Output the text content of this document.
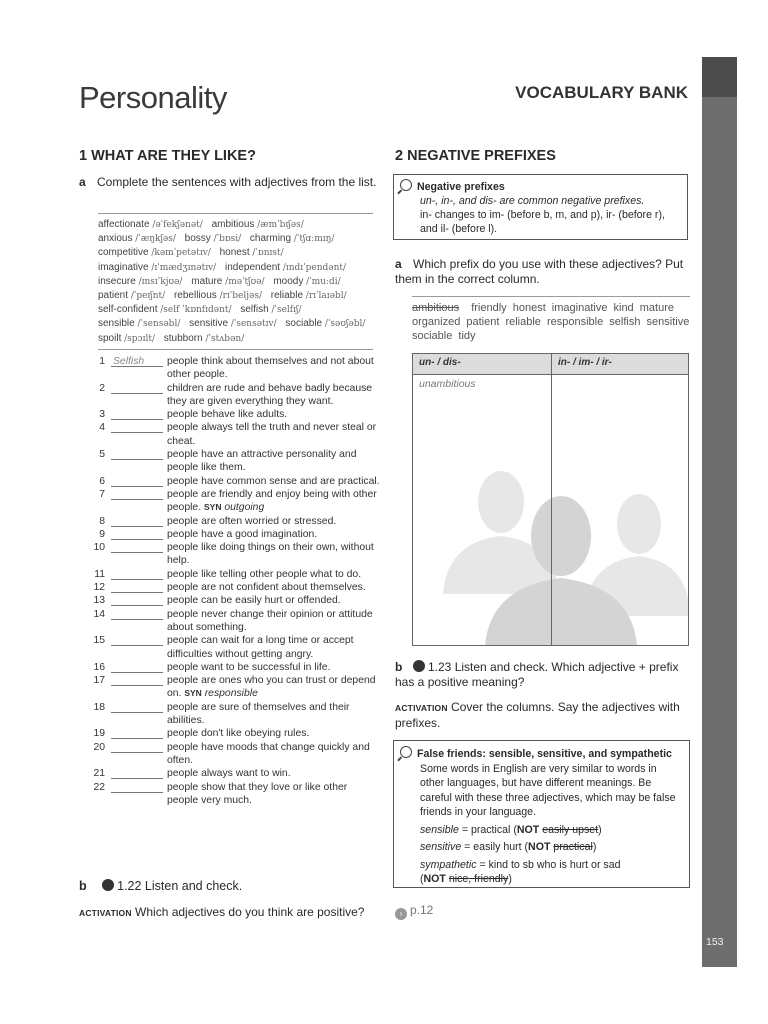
Personality	VOCABULARY BANK
1 WHAT ARE THEY LIKE?
a Complete the sentences with adjectives from the list.
affectionate /əˈfekʃənət/ ambitious /æmˈbɪʃəs/ anxious /ˈæŋkʃəs/ bossy /ˈbɒsi/ charming /ˈtʃɑːmɪŋ/ competitive /kəmˈpetətɪv/ honest /ˈɒnɪst/ imaginative /ɪˈmædʒɪnətɪv/ independent /ɪndɪˈpendənt/ insecure /ɪnsɪˈkjʊə/ mature /məˈtʃʊə/ moody /ˈmuːdi/ patient /ˈpeɪʃnt/ rebellious /rɪˈbeljəs/ reliable /rɪˈlaɪəbl/ self-confident /self ˈkɒnfɪdənt/ selfish /ˈselfɪʃ/ sensible /ˈsensəbl/ sensitive /ˈsensətɪv/ sociable /ˈsəʊʃəbl/ spoilt /spɔɪlt/ stubborn /ˈstʌbən/
1 Selfish people think about themselves and not about other people.
2	children are rude and behave badly because they are given everything they want.
3	people behave like adults.
4	people always tell the truth and never steal or cheat.
5	people have an attractive personality and people like them.
6	people have common sense and are practical.
7	people are friendly and enjoy being with other people. SYN outgoing
8	people are often worried or stressed.
9	people have a good imagination.
10	people like doing things on their own, without help.
11	people like telling other people what to do.
12	people are not confident about themselves.
13	people can be easily hurt or offended.
14	people never change their opinion or attitude about something.
15	people can wait for a long time or accept difficulties without getting angry.
16	people want to be successful in life.
17	people are ones who you can trust or depend on. SYN responsible
18	people are sure of themselves and their abilities.
19	people don't like obeying rules.
20	people have moods that change quickly and often.
21	people always want to win.
22	people show that they love or like other people very much.
b 1.22 Listen and check.
ACTIVATION Which adjectives do you think are positive?
2 NEGATIVE PREFIXES
Negative prefixes
un-, in-, and dis- are common negative prefixes.
in- changes to im- (before b, m, and p), ir- (before r), and il- (before l).
a Which prefix do you use with these adjectives? Put them in the correct column.
ambitious friendly honest imaginative kind mature organized patient reliable responsible selfish sensitive sociable tidy
un- / dis-	in- / im- / ir-
unambitious
b 1.23 Listen and check. Which adjective + prefix has a positive meaning?
ACTIVATION Cover the columns. Say the adjectives with prefixes.
False friends: sensible, sensitive, and sympathetic
Some words in English are very similar to words in other languages, but have different meanings. Be careful with these three adjectives, which may be false friends in your language.
sensible = practical (NOT easily upset)
sensitive = easily hurt (NOT practical)
sympathetic = kind to sb who is hurt or sad
(NOT nice, friendly)
› p.12
153
